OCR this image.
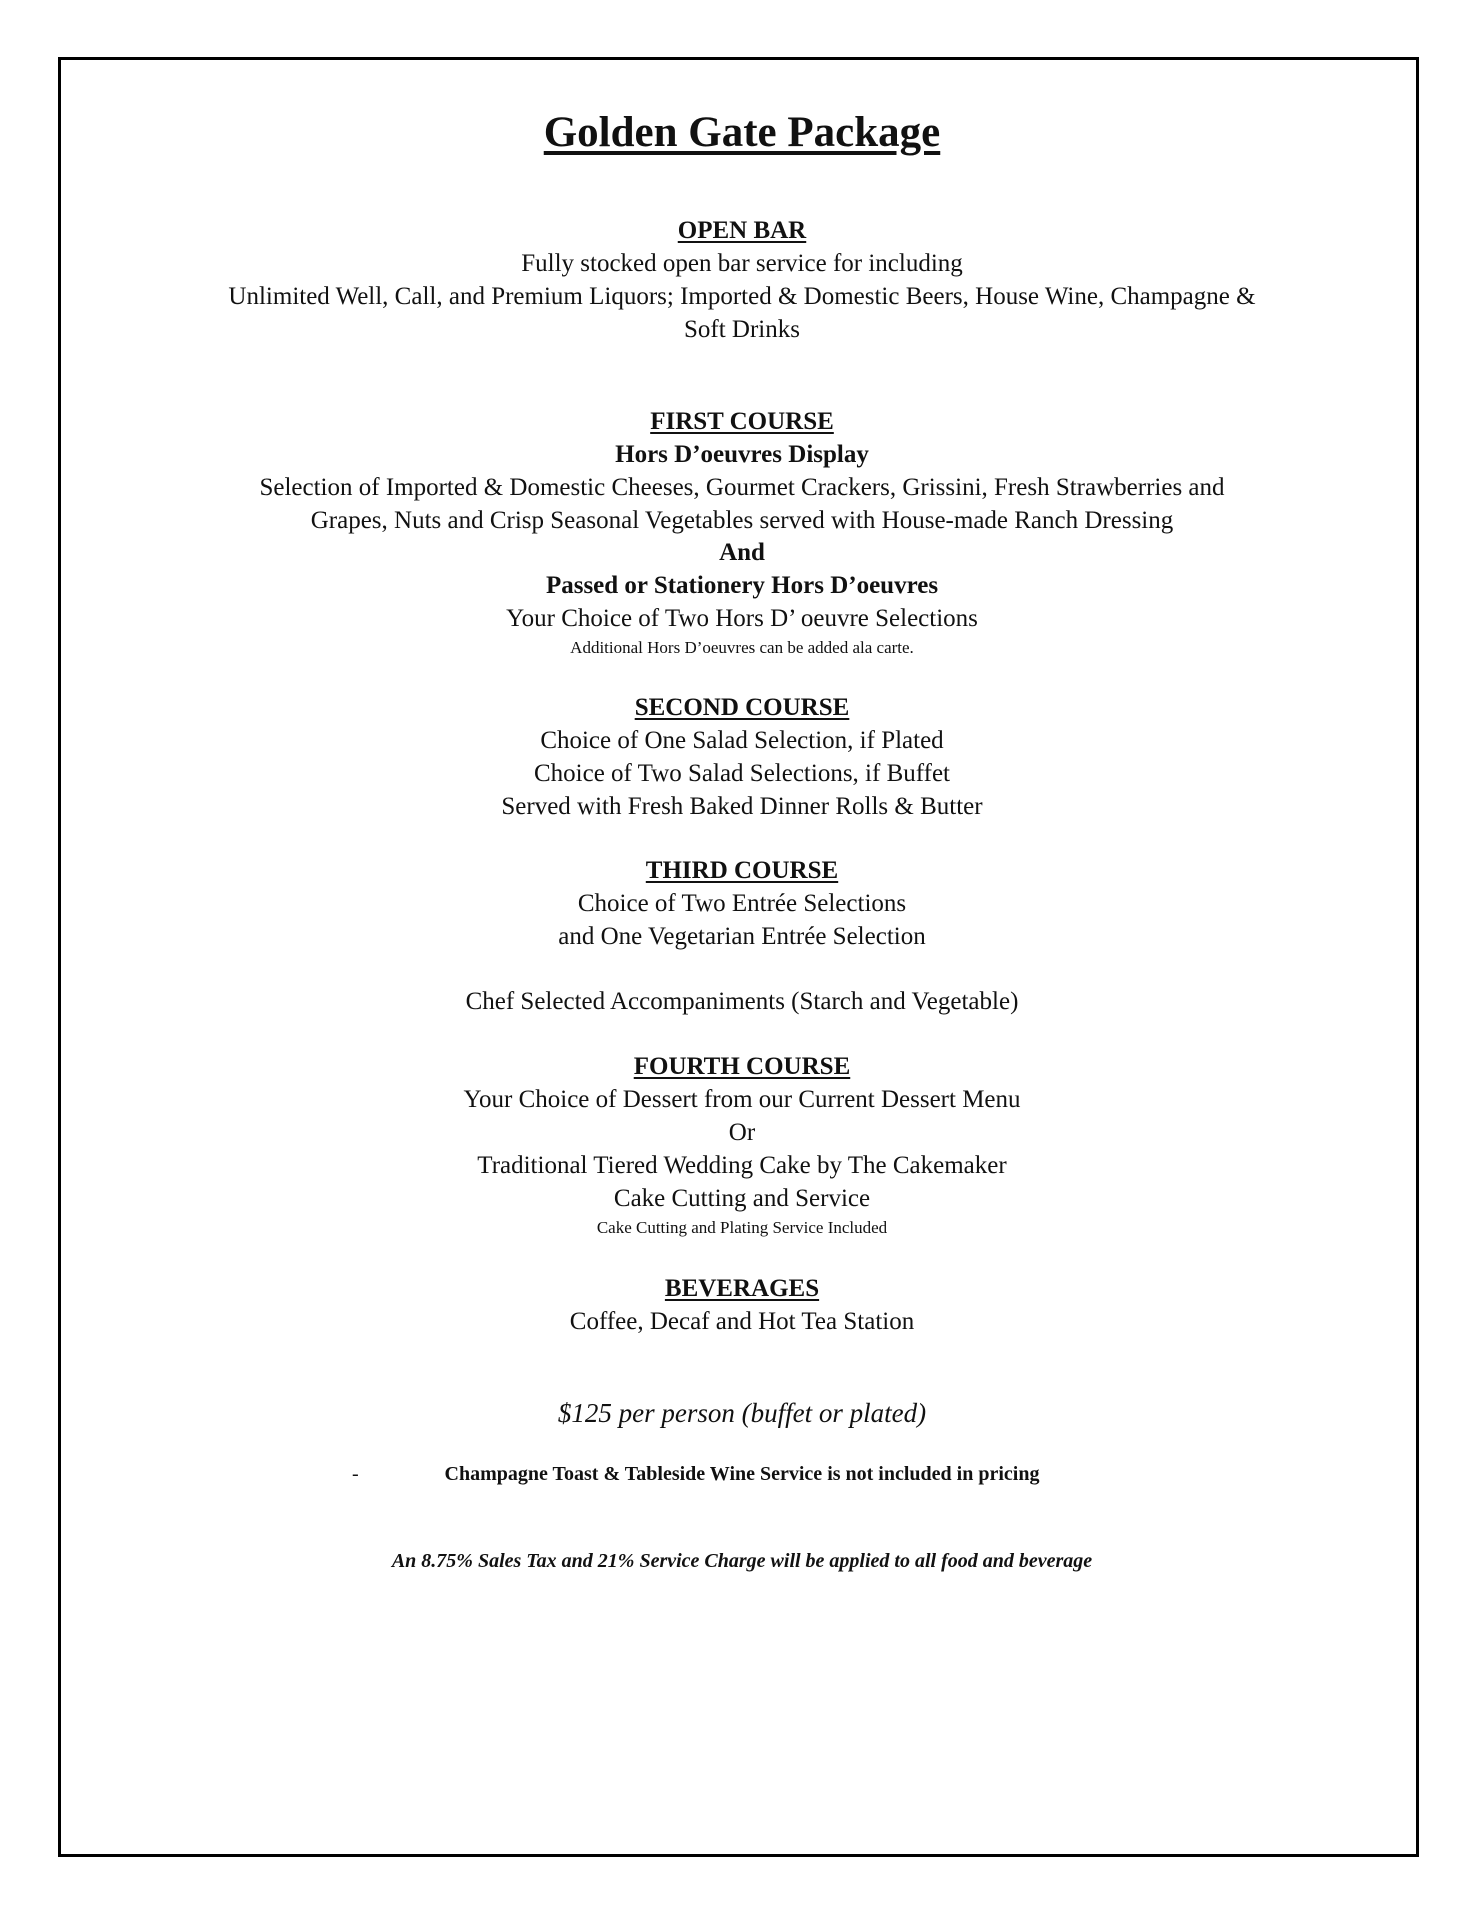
Golden Gate Package
OPEN BAR
Fully stocked open bar service for including
Unlimited Well, Call, and Premium Liquors; Imported & Domestic Beers, House Wine, Champagne &
Soft Drinks
FIRST COURSE
Hors D’oeuvres Display
Selection of Imported & Domestic Cheeses, Gourmet Crackers, Grissini, Fresh Strawberries and
Grapes, Nuts and Crisp Seasonal Vegetables served with House-made Ranch Dressing
And
Passed or Stationery Hors D’oeuvres
Your Choice of Two Hors D’ oeuvre Selections
Additional Hors D’oeuvres can be added ala carte.
SECOND COURSE
Choice of One Salad Selection, if Plated
Choice of Two Salad Selections, if Buffet
Served with Fresh Baked Dinner Rolls & Butter
THIRD COURSE
Choice of Two Entrée Selections
and One Vegetarian Entrée Selection
Chef Selected Accompaniments (Starch and Vegetable)
FOURTH COURSE
Your Choice of Dessert from our Current Dessert Menu
Or
Traditional Tiered Wedding Cake by The Cakemaker
Cake Cutting and Service
Cake Cutting and Plating Service Included
BEVERAGES
Coffee, Decaf and Hot Tea Station
$125 per person (buffet or plated)
-	Champagne Toast & Tableside Wine Service is not included in pricing
An 8.75% Sales Tax and 21% Service Charge will be applied to all food and beverage
